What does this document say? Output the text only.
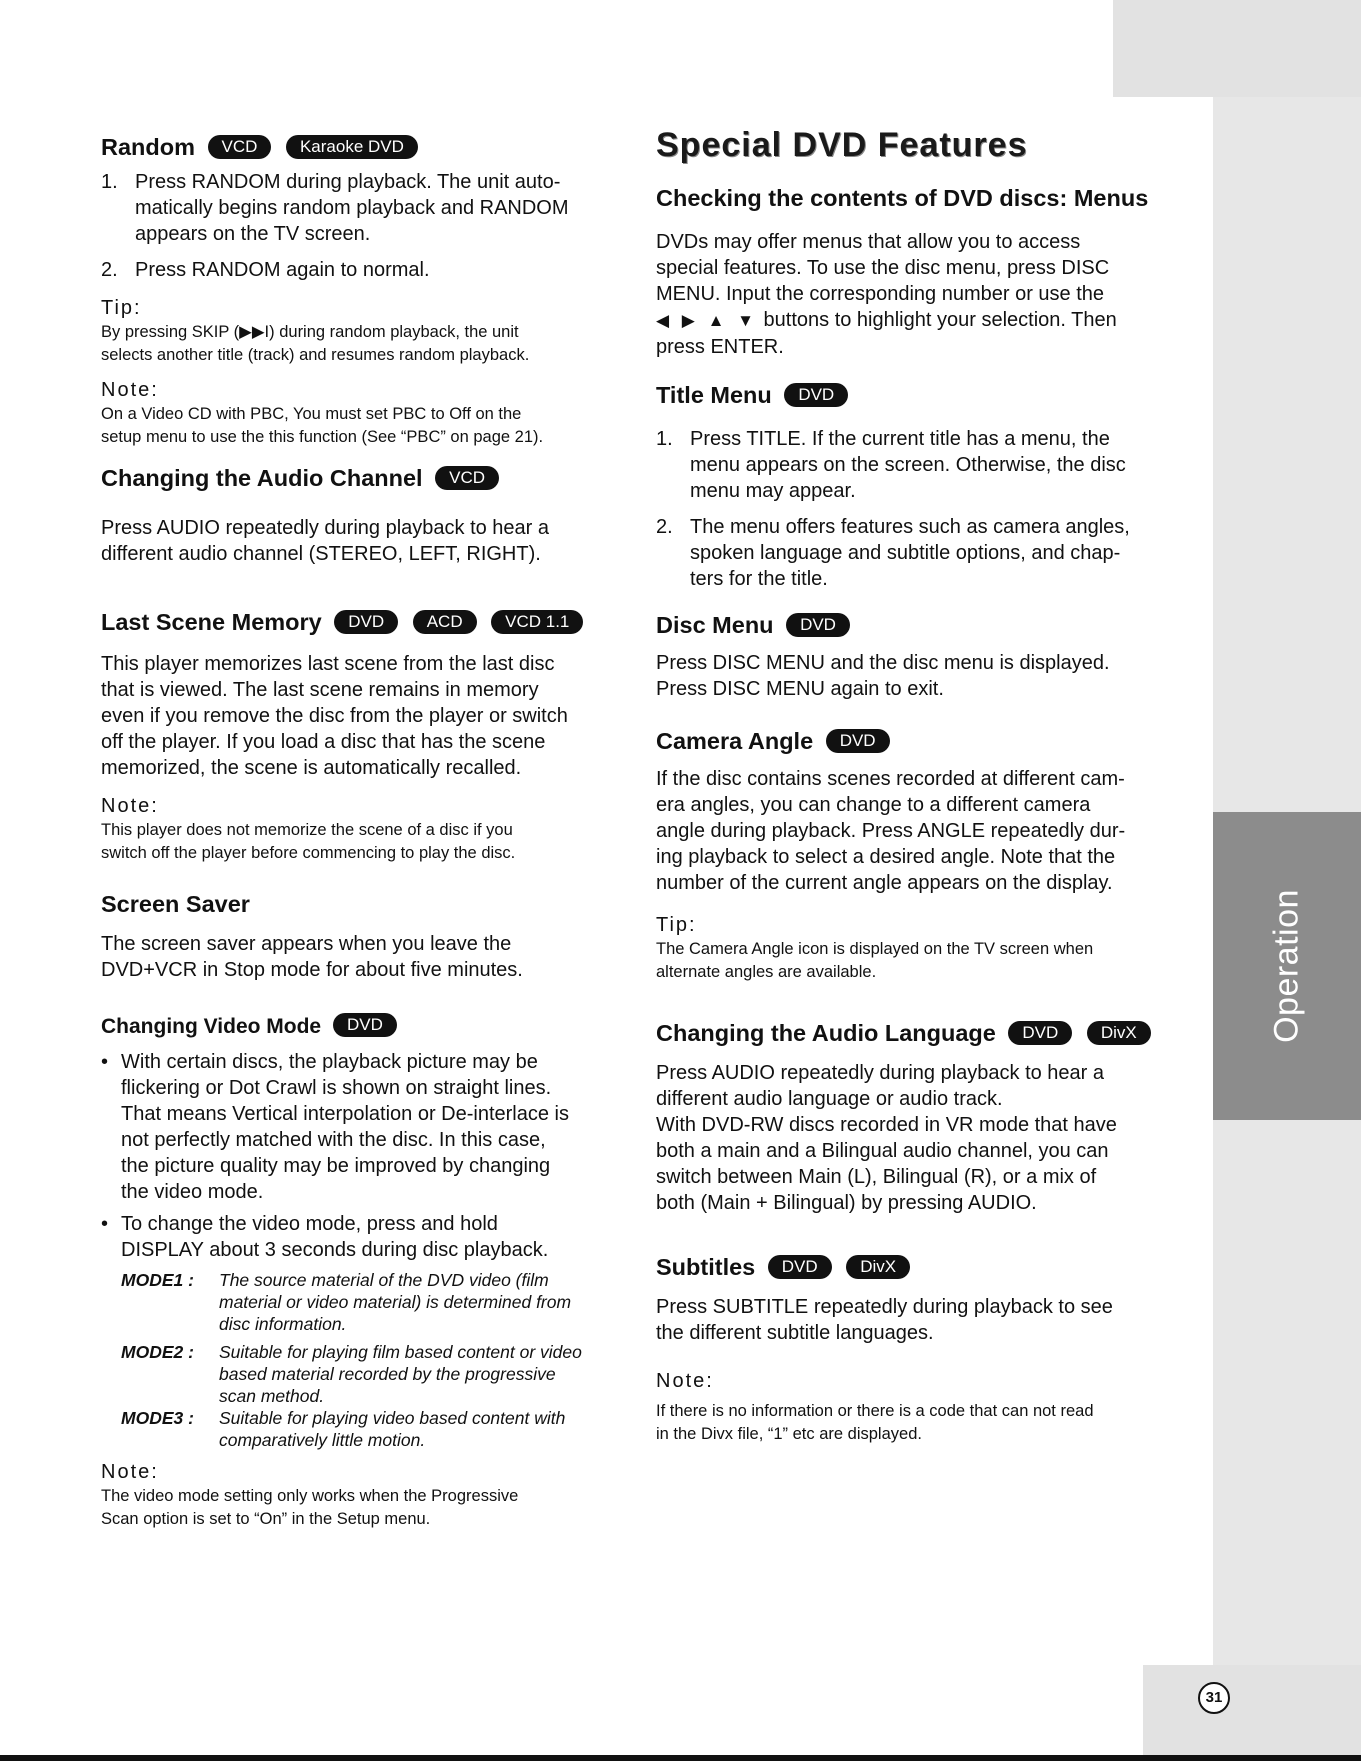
Operation
31
Random VCD	Karaoke DVD
1. Press RANDOM during playback. The unit auto-
matically begins random playback and RANDOM
appears on the TV screen.
2. Press RANDOM again to normal.

Tip:

By pressing SKIP (▶▶I) during random playback, the unit
selects another title (track) and resumes random playback.

Note:

On a Video CD with PBC, You must set PBC to Off on the
setup menu to use the this function (See “PBC” on page 21).

Changing the Audio Channel VCD

Press AUDIO repeatedly during playback to hear a
different audio channel (STEREO, LEFT, RIGHT).

Last Scene Memory DVD	ACD	VCD 1.1

This player memorizes last scene from the last disc
that is viewed. The last scene remains in memory
even if you remove the disc from the player or switch
off the player. If you load a disc that has the scene
memorized, the scene is automatically recalled.

Note:

This player does not memorize the scene of a disc if you
switch off the player before commencing to play the disc.

Screen Saver

The screen saver appears when you leave the
DVD+VCR in Stop mode for about five minutes.

Changing Video Mode DVD
• With certain discs, the playback picture may be
flickering or Dot Crawl is shown on straight lines.
That means Vertical interpolation or De-interlace is
not perfectly matched with the disc. In this case,
the picture quality may be improved by changing
the video mode.
• To change the video mode, press and hold
DISPLAY about 3 seconds during disc playback.
MODE1 :	The source material of the DVD video (film
material or video material) is determined from
disc information.
MODE2 :	Suitable for playing film based content or video
based material recorded by the progressive
scan method.
MODE3 :	Suitable for playing video based content with
comparatively little motion.

Note:

The video mode setting only works when the Progressive
Scan option is set to “On” in the Setup menu.

Special DVD Features
Checking the contents of DVD discs: Menus

DVDs may offer menus that allow you to access
special features. To use the disc menu, press DISC
MENU. Input the corresponding number or use the
◀ ▶ ▲ ▼ buttons to highlight your selection. Then
press ENTER.

Title Menu DVD
1. Press TITLE. If the current title has a menu, the
menu appears on the screen. Otherwise, the disc
menu may appear.
2. The menu offers features such as camera angles,
spoken language and subtitle options, and chap-
ters for the title.
Disc Menu DVD

Press DISC MENU and the disc menu is displayed.
Press DISC MENU again to exit.

Camera Angle DVD

If the disc contains scenes recorded at different cam-
era angles, you can change to a different camera
angle during playback. Press ANGLE repeatedly dur-
ing playback to select a desired angle. Note that the
number of the current angle appears on the display.

Tip:

The Camera Angle icon is displayed on the TV screen when
alternate angles are available.

Changing the Audio Language DVD	DivX

Press AUDIO repeatedly during playback to hear a
different audio language or audio track.
With DVD-RW discs recorded in VR mode that have
both a main and a Bilingual audio channel, you can
switch between Main (L), Bilingual (R), or a mix of
both (Main + Bilingual) by pressing AUDIO.

Subtitles DVD	DivX

Press SUBTITLE repeatedly during playback to see
the different subtitle languages.

Note:

If there is no information or there is a code that can not read
in the Divx file, “1” etc are displayed.
